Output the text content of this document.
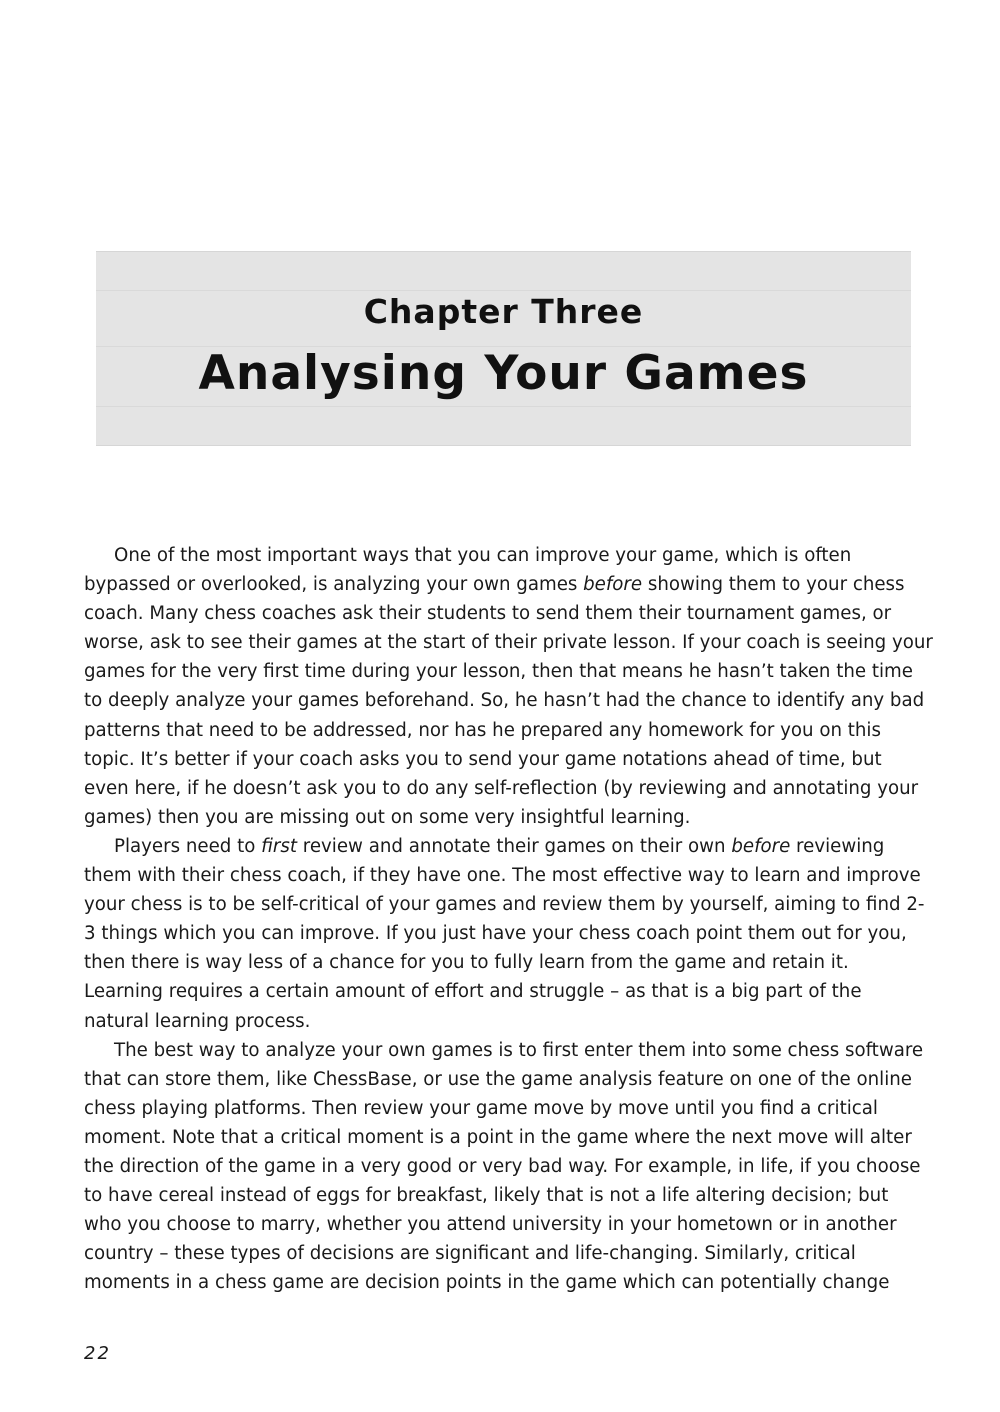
Chapter Three
Analysing Your Games

One of the most important ways that you can improve your game, which is often
bypassed or overlooked, is analyzing your own games before showing them to your chess
coach. Many chess coaches ask their students to send them their tournament games, or
worse, ask to see their games at the start of their private lesson. If your coach is seeing your
games for the very first time during your lesson, then that means he hasn’t taken the time
to deeply analyze your games beforehand. So, he hasn’t had the chance to identify any bad
patterns that need to be addressed, nor has he prepared any homework for you on this
topic. It’s better if your coach asks you to send your game notations ahead of time, but
even here, if he doesn’t ask you to do any self-reflection (by reviewing and annotating your
games) then you are missing out on some very insightful learning.

Players need to first review and annotate their games on their own before reviewing
them with their chess coach, if they have one. The most effective way to learn and improve
your chess is to be self-critical of your games and review them by yourself, aiming to find 2-
3 things which you can improve. If you just have your chess coach point them out for you,
then there is way less of a chance for you to fully learn from the game and retain it.
Learning requires a certain amount of effort and struggle – as that is a big part of the
natural learning process.

The best way to analyze your own games is to first enter them into some chess software
that can store them, like ChessBase, or use the game analysis feature on one of the online
chess playing platforms. Then review your game move by move until you find a critical
moment. Note that a critical moment is a point in the game where the next move will alter
the direction of the game in a very good or very bad way. For example, in life, if you choose
to have cereal instead of eggs for breakfast, likely that is not a life altering decision; but
who you choose to marry, whether you attend university in your hometown or in another
country – these types of decisions are significant and life-changing. Similarly, critical
moments in a chess game are decision points in the game which can potentially change

22
